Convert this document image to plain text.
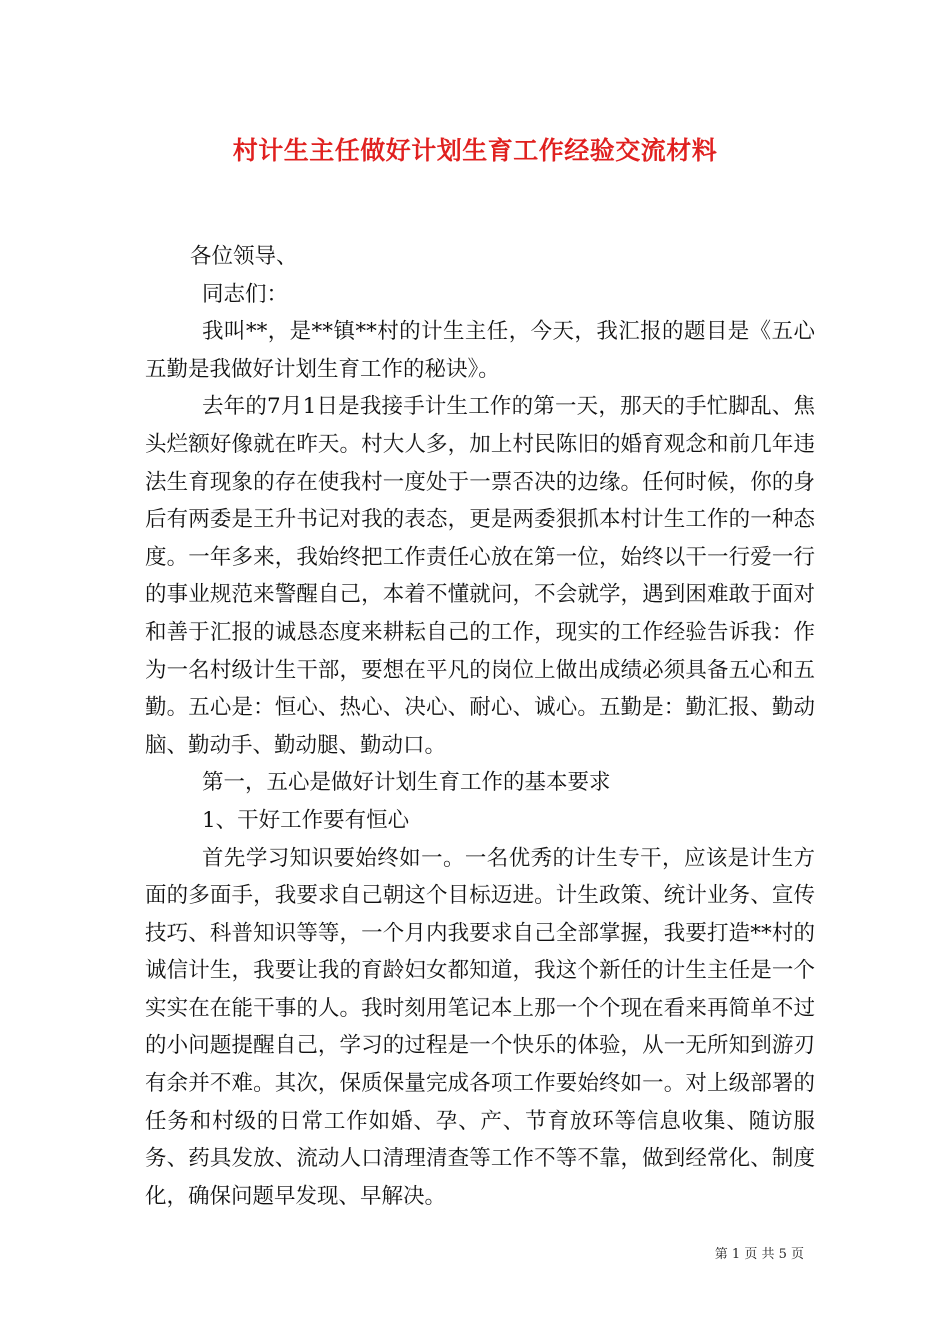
村计生主任做好计划生育工作经验交流材料

各位领导、

同志们：

我叫**，是**镇**村的计生主任，今天，我汇报的题目是《五心五勤是我做好计划生育工作的秘诀》。

去年的7月1日是我接手计生工作的第一天，那天的手忙脚乱、焦头烂额好像就在昨天。村大人多，加上村民陈旧的婚育观念和前几年违法生育现象的存在使我村一度处于一票否决的边缘。任何时候，你的身后有两委是王升书记对我的表态，更是两委狠抓本村计生工作的一种态度。一年多来，我始终把工作责任心放在第一位，始终以干一行爱一行的事业规范来警醒自己，本着不懂就问，不会就学，遇到困难敢于面对和善于汇报的诚恳态度来耕耘自己的工作，现实的工作经验告诉我：作为一名村级计生干部，要想在平凡的岗位上做出成绩必须具备五心和五勤。五心是：恒心、热心、决心、耐心、诚心。五勤是：勤汇报、勤动脑、勤动手、勤动腿、勤动口。

第一，五心是做好计划生育工作的基本要求

1、干好工作要有恒心

首先学习知识要始终如一。一名优秀的计生专干，应该是计生方面的多面手，我要求自己朝这个目标迈进。计生政策、统计业务、宣传技巧、科普知识等等，一个月内我要求自己全部掌握，我要打造**村的诚信计生，我要让我的育龄妇女都知道，我这个新任的计生主任是一个实实在在能干事的人。我时刻用笔记本上那一个个现在看来再简单不过的小问题提醒自己，学习的过程是一个快乐的体验，从一无所知到游刃有余并不难。其次，保质保量完成各项工作要始终如一。对上级部署的任务和村级的日常工作如婚、孕、产、节育放环等信息收集、随访服务、药具发放、流动人口清理清查等工作不等不靠，做到经常化、制度化，确保问题早发现、早解决。

第 1 页 共 5 页
